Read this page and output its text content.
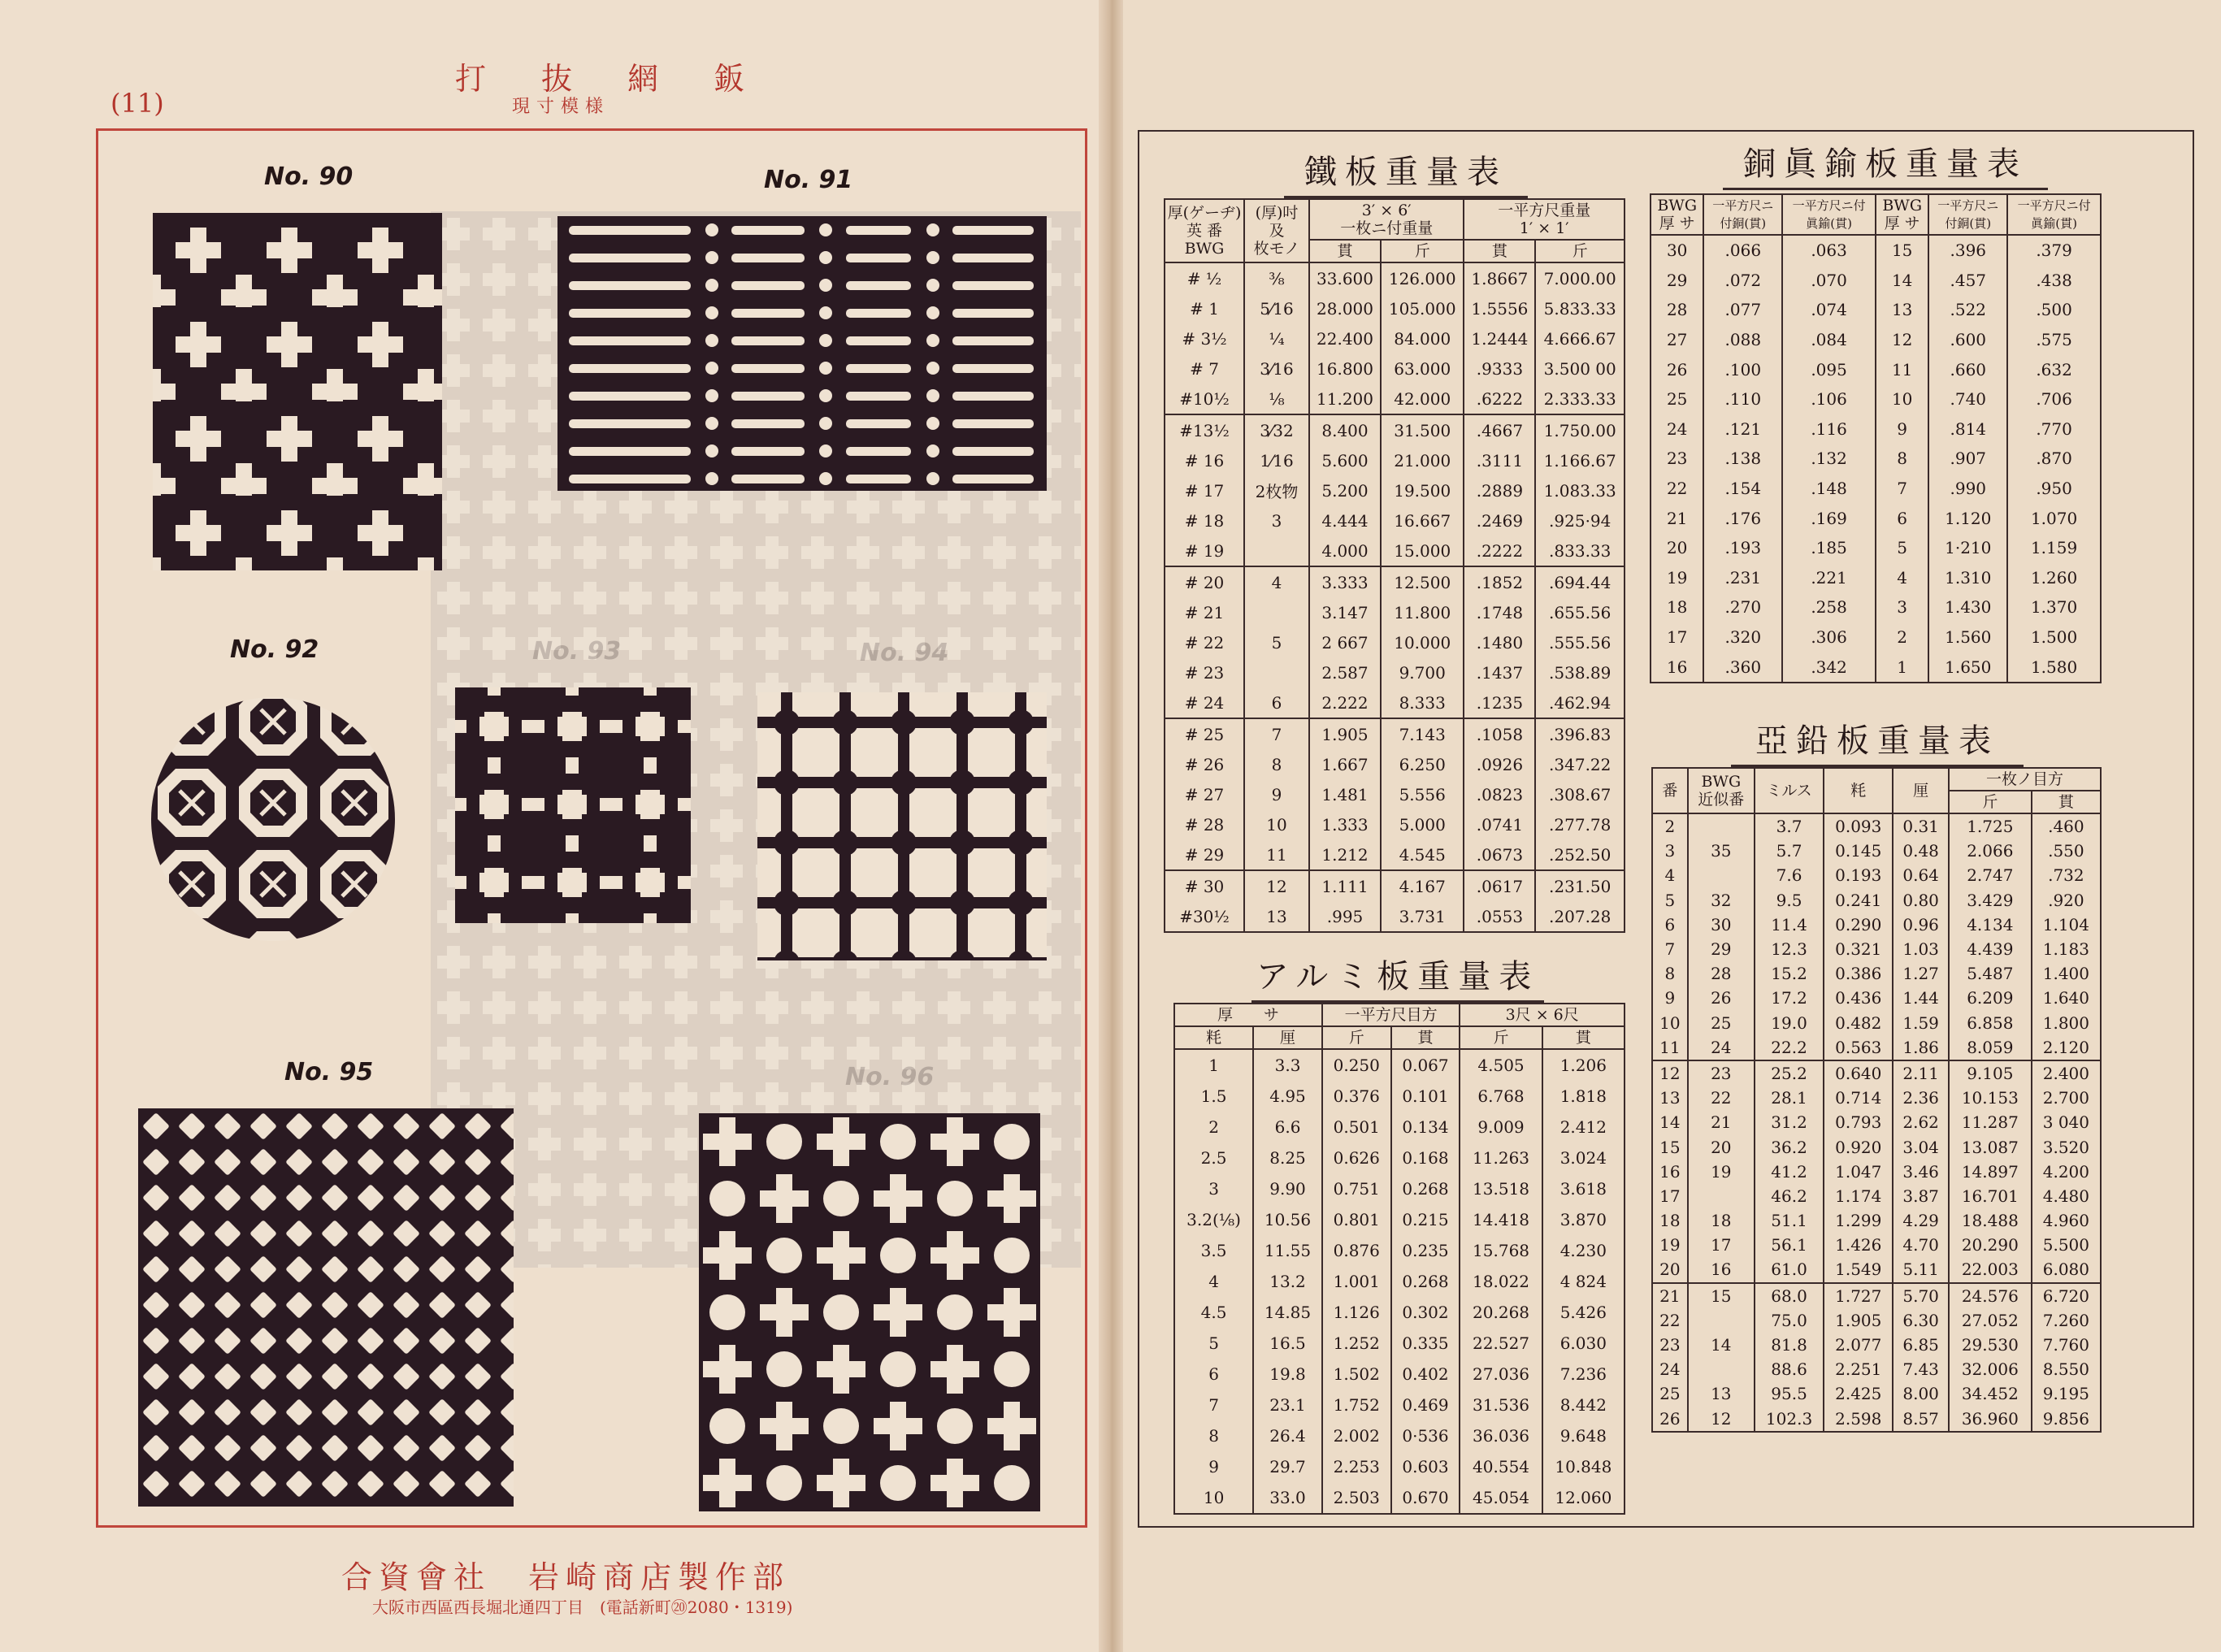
(11)
打 抜 網 鈑
現寸模様
No. 90	No. 91
No. 92
No. 95
合資會社　岩崎商店製作部
大阪市西區西長堀北通四丁目　(電話新町⑳2080・1319)
鐵板重量表	銅眞鍮板重量表
亞鉛板重量表
アルミ板重量表
厚(ゲーヂ)
英 番
BWG	(厚)吋
及
枚モノ	3′ × 6′
一枚ニ付重量		一平方尺重量
1′ × 1′	
		貫	斤	貫	斤
# ½	⅜	33.600	126.000	1.8667	7.000.00
# 1	5⁄16	28.000	105.000	1.5556	5.833.33
# 3½	¼	22.400	84.000	1.2444	4.666.67
# 7	3⁄16	16.800	63.000	.9333	3.500 00
#10½	⅛	11.200	42.000	.6222	2.333.33
#13½	3⁄32	8.400	31.500	.4667	1.750.00
# 16	1⁄16	5.600	21.000	.3111	1.166.67
# 17	2枚物	5.200	19.500	.2889	1.083.33
# 18	3	4.444	16.667	.2469	.925·94
# 19		4.000	15.000	.2222	.833.33
# 20	4	3.333	12.500	.1852	.694.44
# 21		3.147	11.800	.1748	.655.56
# 22	5	2 667	10.000	.1480	.555.56
# 23		2.587	9.700	.1437	.538.89
# 24	6	2.222	8.333	.1235	.462.94
# 25	7	1.905	7.143	.1058	.396.83
# 26	8	1.667	6.250	.0926	.347.22
# 27	9	1.481	5.556	.0823	.308.67
# 28	10	1.333	5.000	.0741	.277.78
# 29	11	1.212	4.545	.0673	.252.50
# 30	12	1.111	4.167	.0617	.231.50
#30½	13	.995	3.731	.0553	.207.28
BWG
厚 サ	一平方尺ニ
付銅(貫)	一平方尺ニ付
眞鍮(貫)	BWG
厚 サ	一平方尺ニ
付銅(貫)	一平方尺ニ付
眞鍮(貫)
30	.066	.063	15	.396	.379
29	.072	.070	14	.457	.438
28	.077	.074	13	.522	.500
27	.088	.084	12	.600	.575
26	.100	.095	11	.660	.632
25	.110	.106	10	.740	.706
24	.121	.116	9	.814	.770
23	.138	.132	8	.907	.870
22	.154	.148	7	.990	.950
21	.176	.169	6	1.120	1.070
20	.193	.185	5	1·210	1.159
19	.231	.221	4	1.310	1.260
18	.270	.258	3	1.430	1.370
17	.320	.306	2	1.560	1.500
16	.360	.342	1	1.650	1.580
番	BWG
近似番	ミルス	粍	厘	一枚ノ目方	
					斤	貫
2		3.7	0.093	0.31	1.725	.460
3	35	5.7	0.145	0.48	2.066	.550
4		7.6	0.193	0.64	2.747	.732
5	32	9.5	0.241	0.80	3.429	.920
6	30	11.4	0.290	0.96	4.134	1.104
7	29	12.3	0.321	1.03	4.439	1.183
8	28	15.2	0.386	1.27	5.487	1.400
9	26	17.2	0.436	1.44	6.209	1.640
10	25	19.0	0.482	1.59	6.858	1.800
11	24	22.2	0.563	1.86	8.059	2.120
12	23	25.2	0.640	2.11	9.105	2.400
13	22	28.1	0.714	2.36	10.153	2.700
14	21	31.2	0.793	2.62	11.287	3 040
15	20	36.2	0.920	3.04	13.087	3.520
16	19	41.2	1.047	3.46	14.897	4.200
17		46.2	1.174	3.87	16.701	4.480
18	18	51.1	1.299	4.29	18.488	4.960
19	17	56.1	1.426	4.70	20.290	5.500
20	16	61.0	1.549	5.11	22.003	6.080
21	15	68.0	1.727	5.70	24.576	6.720
22		75.0	1.905	6.30	27.052	7.260
23	14	81.8	2.077	6.85	29.530	7.760
24		88.6	2.251	7.43	32.006	8.550
25	13	95.5	2.425	8.00	34.452	9.195
26	12	102.3	2.598	8.57	36.960	9.856
厚　　サ		一平方尺目方		3尺 × 6尺	
粍	厘	斤	貫	斤	貫
1	3.3	0.250	0.067	4.505	1.206
1.5	4.95	0.376	0.101	6.768	1.818
2	6.6	0.501	0.134	9.009	2.412
2.5	8.25	0.626	0.168	11.263	3.024
3	9.90	0.751	0.268	13.518	3.618
3.2(⅛)	10.56	0.801	0.215	14.418	3.870
3.5	11.55	0.876	0.235	15.768	4.230
4	13.2	1.001	0.268	18.022	4 824
4.5	14.85	1.126	0.302	20.268	5.426
5	16.5	1.252	0.335	22.527	6.030
6	19.8	1.502	0.402	27.036	7.236
7	23.1	1.752	0.469	31.536	8.442
8	26.4	2.002	0·536	36.036	9.648
9	29.7	2.253	0.603	40.554	10.848
10	33.0	2.503	0.670	45.054	12.060
